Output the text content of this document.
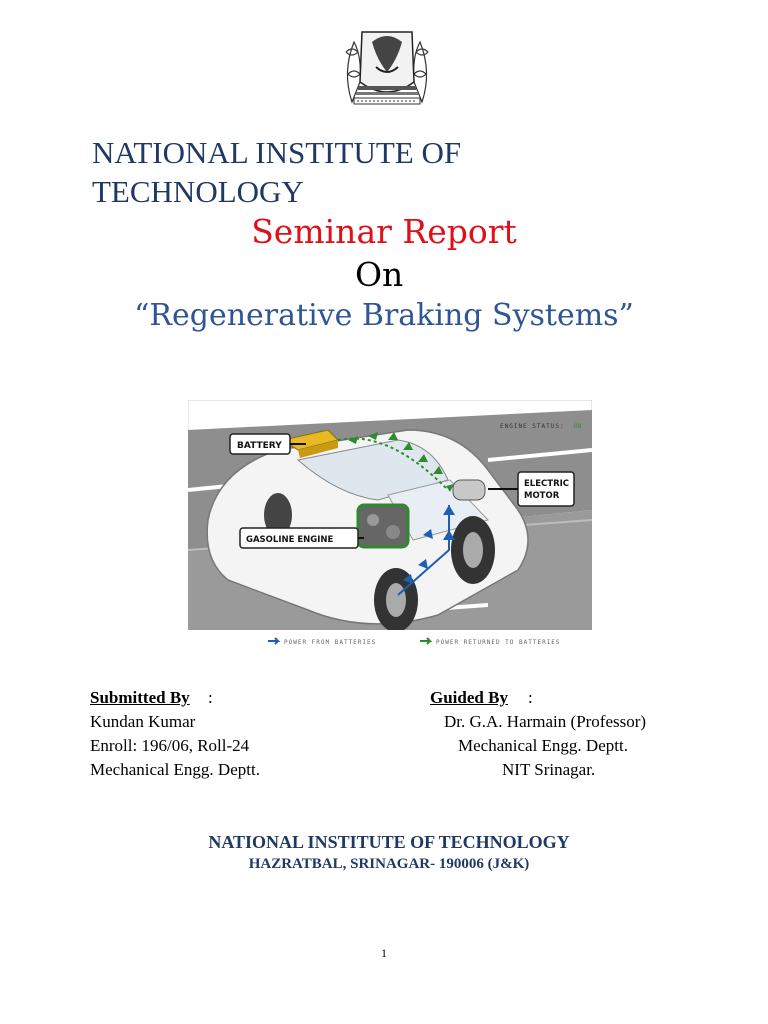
NATIONAL INSTITUTE OF
TECHNOLOGY
Seminar Report
On
“Regenerative Braking Systems”
ENGINE STATUS: ON
BATTERY
ELECTRIC
MOTOR
GASOLINE ENGINE
POWER FROM BATTERIES	POWER RETURNED TO BATTERIES
Submitted By :
Kundan Kumar
Enroll: 196/06, Roll-24
Mechanical Engg. Deptt.
Guided By :
Dr. G.A. Harmain (Professor)
Mechanical Engg. Deptt.
NIT Srinagar.
NATIONAL INSTITUTE OF TECHNOLOGY
HAZRATBAL, SRINAGAR- 190006 (J&K)
1
